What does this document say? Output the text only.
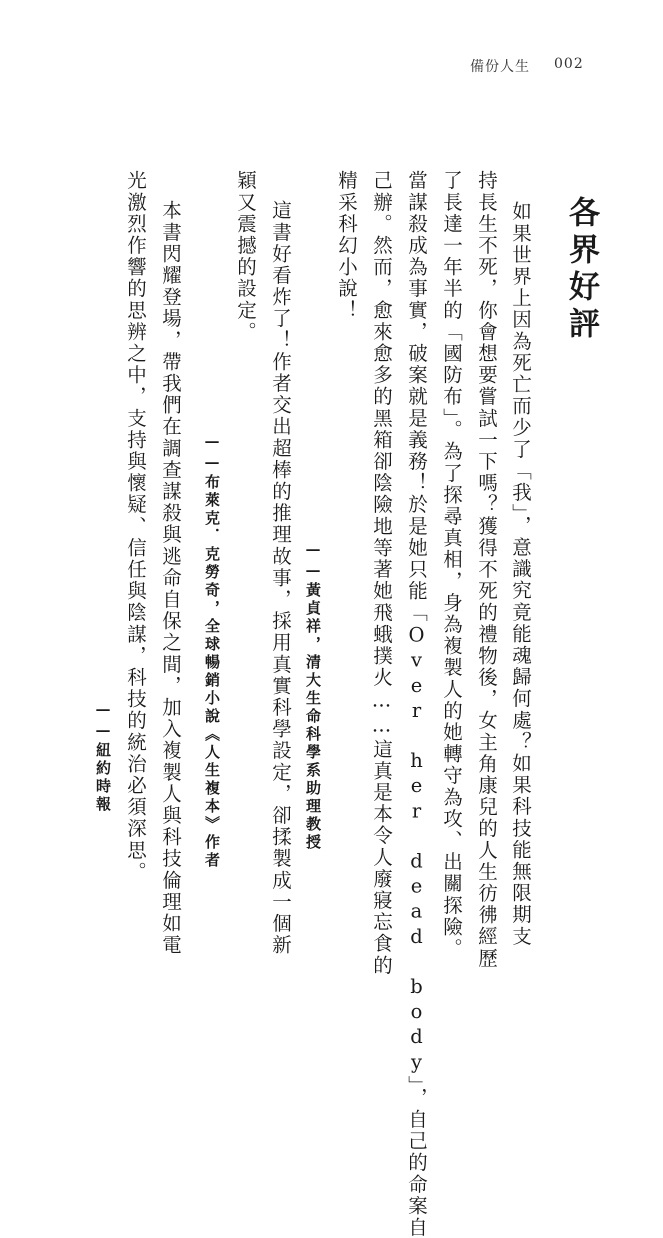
備份人生 002
各界好評
如果世界上因為死亡而少了「我」，意識究竟能魂歸何處？如果科技能無限期支
持長生不死，你會想要嘗試一下嗎？獲得不死的禮物後，女主角康兒的人生彷彿經歷
了長達一年半的「國防布」。為了探尋真相，身為複製人的她轉守為攻、出關探險。
當謀殺成為事實，破案就是義務！於是她只能「Over her dead body」，自己的命案自
己辦。然而，愈來愈多的黑箱卻陰險地等著她飛蛾撲火……這真是本令人廢寢忘食的
精采科幻小說！
——黃貞祥，清大生命科學系助理教授
這書好看炸了！作者交出超棒的推理故事，採用真實科學設定，卻揉製成一個新
穎又震撼的設定。
——布萊克．克勞奇，全球暢銷小說《人生複本》作者
本書閃耀登場，帶我們在調查謀殺與逃命自保之間，加入複製人與科技倫理如電
光激烈作響的思辨之中，支持與懷疑、信任與陰謀，科技的統治必須深思。
——紐約時報
